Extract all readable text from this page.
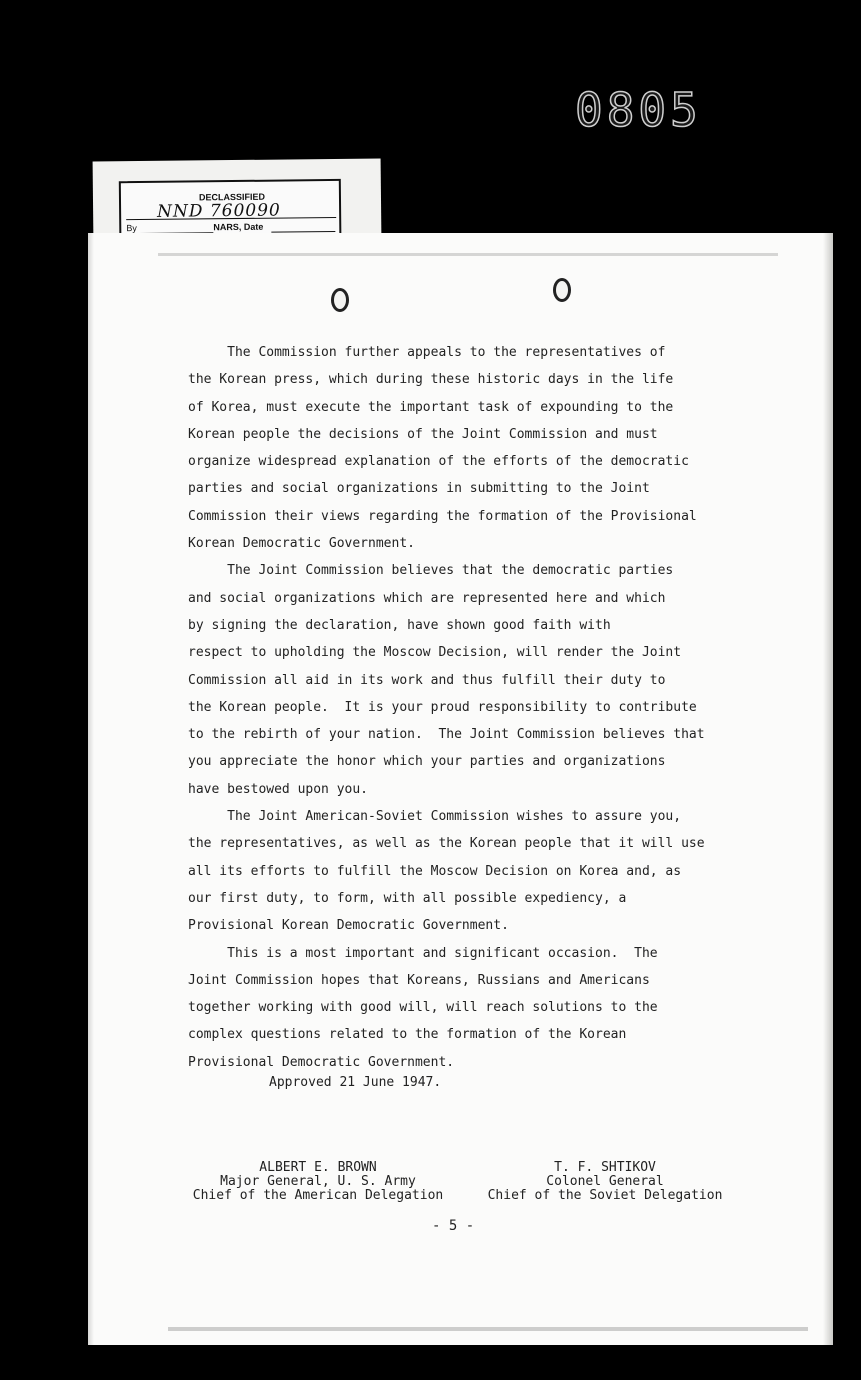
0805
DECLASSIFIED
NND 760090
By	NARS, Date
The Commission further appeals to the representatives of
the Korean press, which during these historic days in the life
of Korea, must execute the important task of expounding to the
Korean people the decisions of the Joint Commission and must
organize widespread explanation of the efforts of the democratic
parties and social organizations in submitting to the Joint
Commission their views regarding the formation of the Provisional
Korean Democratic Government.
The Joint Commission believes that the democratic parties
and social organizations which are represented here and which
by signing the declaration, have shown good faith with
respect to upholding the Moscow Decision, will render the Joint
Commission all aid in its work and thus fulfill their duty to
the Korean people.  It is your proud responsibility to contribute
to the rebirth of your nation.  The Joint Commission believes that
you appreciate the honor which your parties and organizations
have bestowed upon you.
The Joint American-Soviet Commission wishes to assure you,
the representatives, as well as the Korean people that it will use
all its efforts to fulfill the Moscow Decision on Korea and, as
our first duty, to form, with all possible expediency, a
Provisional Korean Democratic Government.
This is a most important and significant occasion.  The
Joint Commission hopes that Koreans, Russians and Americans
together working with good will, will reach solutions to the
complex questions related to the formation of the Korean
Provisional Democratic Government.
Approved 21 June 1947.
ALBERT E. BROWN
Major General, U. S. Army
Chief of the American Delegation
T. F. SHTIKOV
Colonel General
Chief of the Soviet Delegation
- 5 -
